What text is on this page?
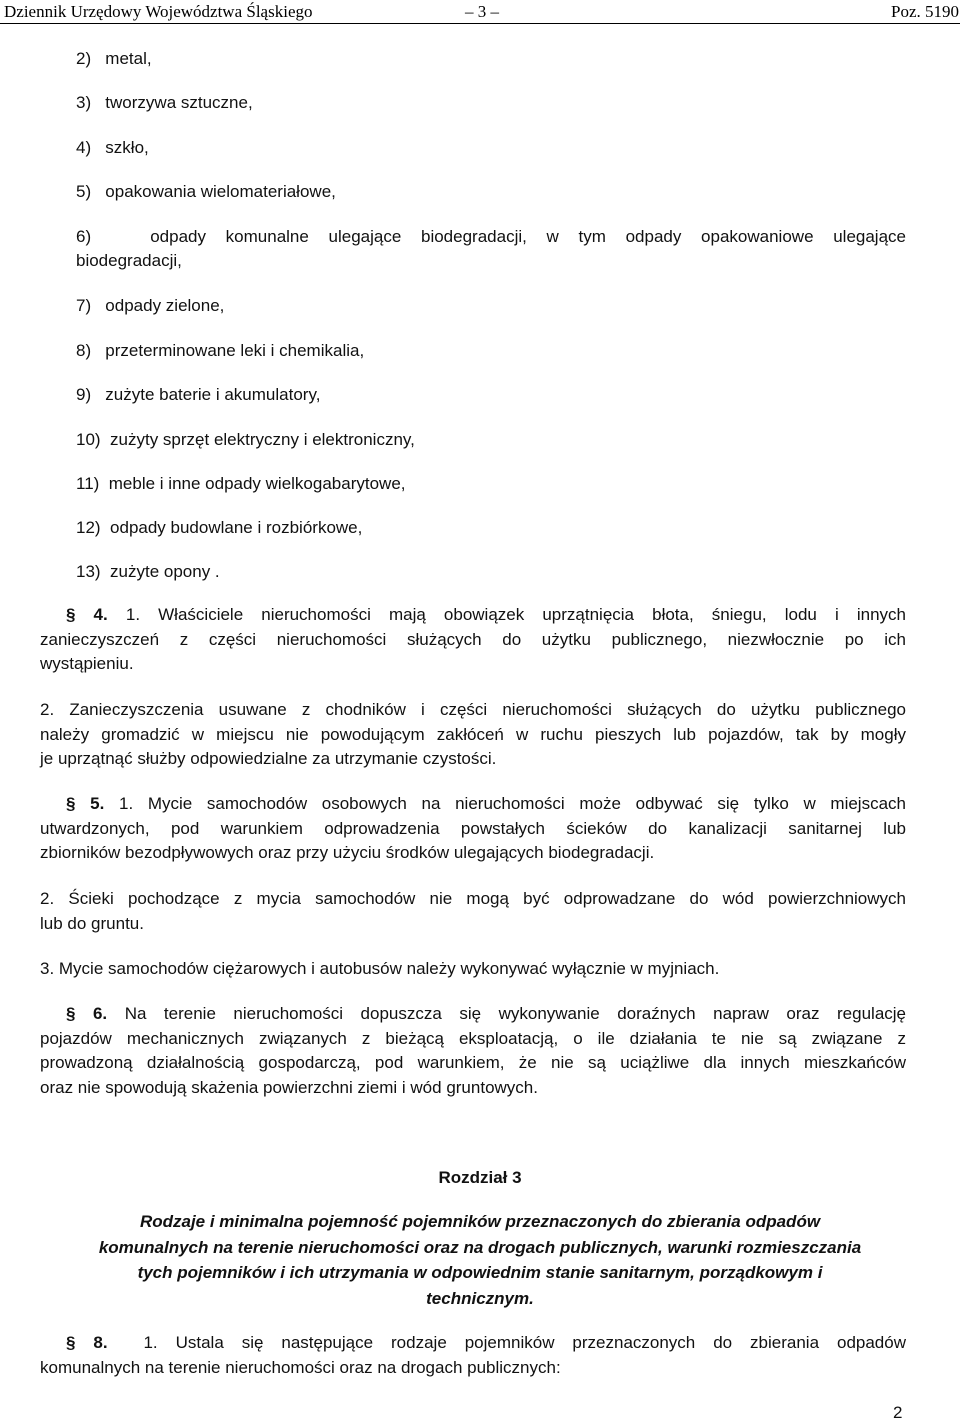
Dziennik Urzędowy Województwa Śląskiego	– 3 –	Poz. 5190
2) metal,
3) tworzywa sztuczne,
4) szkło,
5) opakowania wielomateriałowe,
6)	odpady komunalne ulegające biodegradacji, w tym odpady opakowaniowe ulegające
biodegradacji,
7) odpady zielone,
8) przeterminowane leki i chemikalia,
9) zużyte baterie i akumulatory,
10) zużyty sprzęt elektryczny i elektroniczny,
11) meble i inne odpady wielkogabarytowe,
12) odpady budowlane i rozbiórkowe,
13) zużyte opony .
§ 4. 1. Właściciele nieruchomości mają obowiązek uprzątnięcia błota, śniegu, lodu i innych
zanieczyszczeń z części nieruchomości służących do użytku publicznego, niezwłocznie po ich
wystąpieniu.
2. Zanieczyszczenia usuwane z chodników i części nieruchomości służących do użytku publicznego
należy gromadzić w miejscu nie powodującym zakłóceń w ruchu pieszych lub pojazdów, tak by mogły
je uprzątnąć służby odpowiedzialne za utrzymanie czystości.
§ 5. 1. Mycie samochodów osobowych na nieruchomości może odbywać się tylko w miejscach
utwardzonych, pod warunkiem odprowadzenia powstałych ścieków do kanalizacji sanitarnej lub
zbiorników bezodpływowych oraz przy użyciu środków ulegających biodegradacji.
2. Ścieki pochodzące z mycia samochodów nie mogą być odprowadzane do wód powierzchniowych
lub do gruntu.
3. Mycie samochodów ciężarowych i autobusów należy wykonywać wyłącznie w myjniach.
§ 6. Na terenie nieruchomości dopuszcza się wykonywanie doraźnych napraw oraz regulację
pojazdów mechanicznych związanych z bieżącą eksploatacją, o ile działania te nie są związane z
prowadzoną działalnością gospodarczą, pod warunkiem, że nie są uciążliwe dla innych mieszkańców
oraz nie spowodują skażenia powierzchni ziemi i wód gruntowych.
Rozdział 3
Rodzaje i minimalna pojemność pojemników przeznaczonych do zbierania odpadów
komunalnych na terenie nieruchomości oraz na drogach publicznych, warunki rozmieszczania
tych pojemników i ich utrzymania w odpowiednim stanie sanitarnym, porządkowym i
technicznym.
§ 8. 1. Ustala się następujące rodzaje pojemników przeznaczonych do zbierania odpadów
komunalnych na terenie nieruchomości oraz na drogach publicznych:
2
